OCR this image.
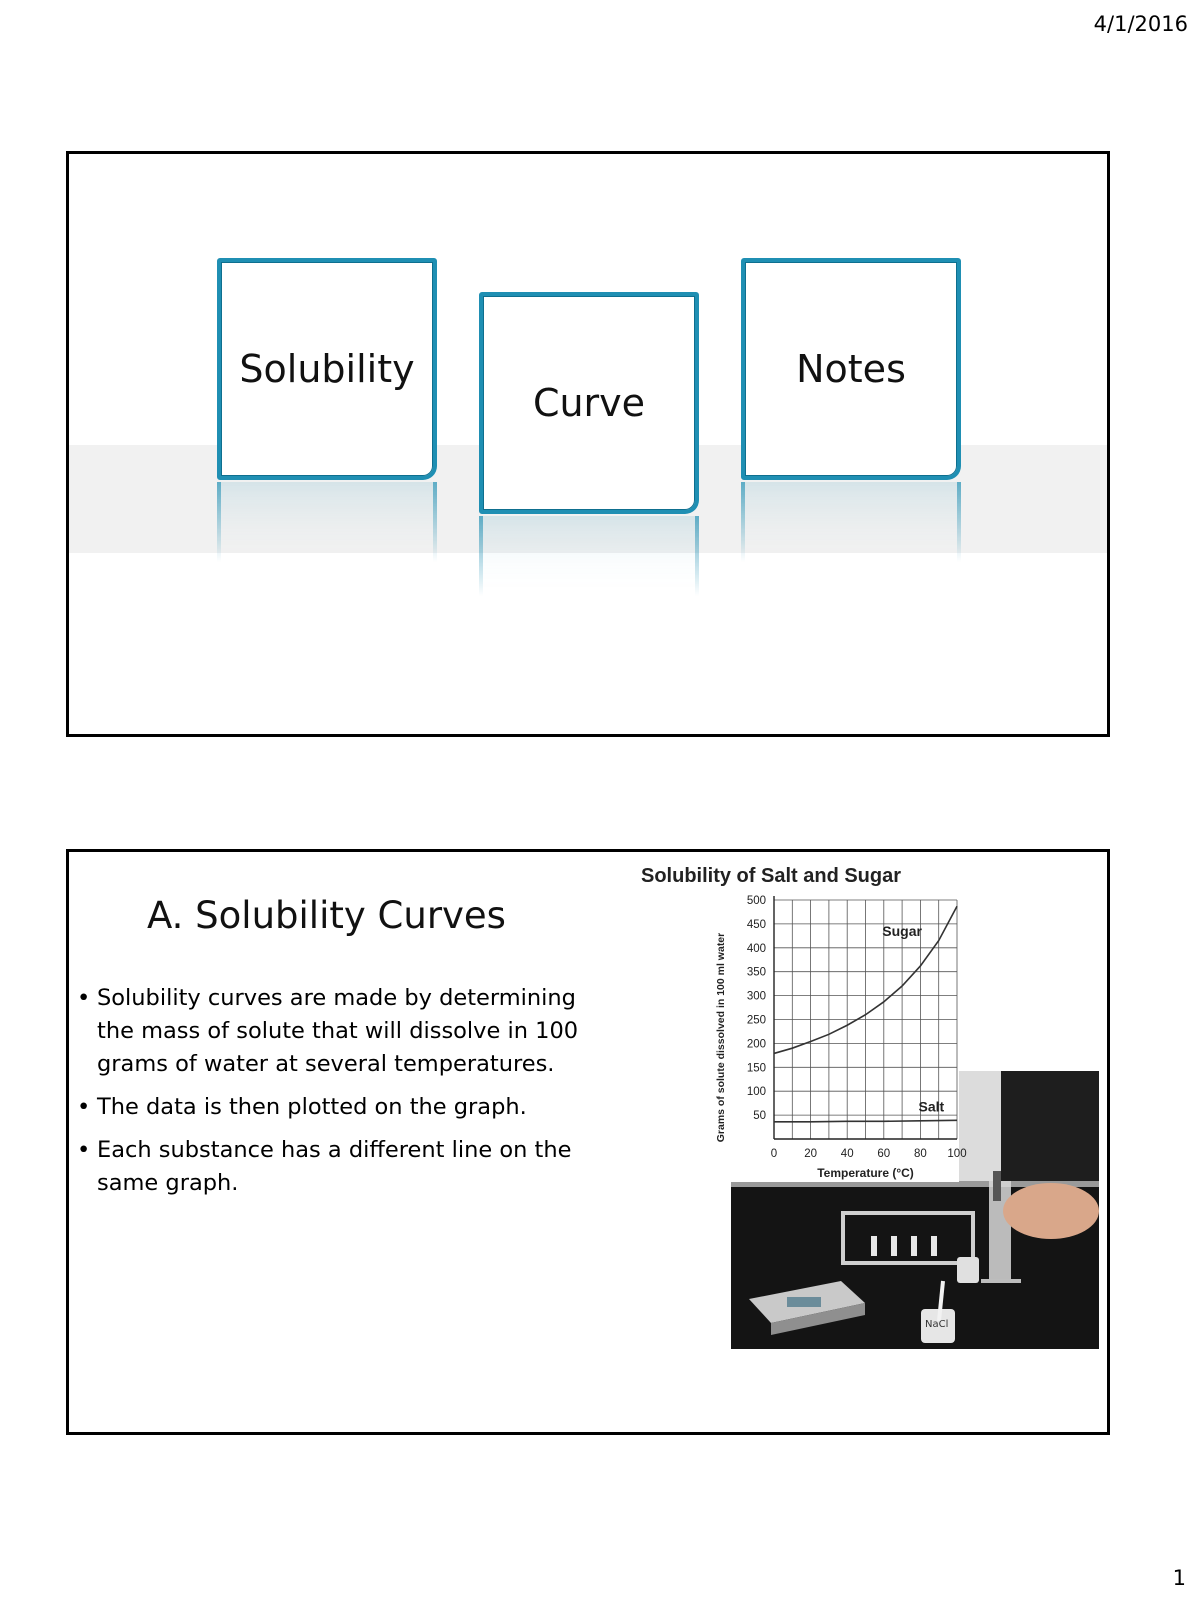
4/1/2016
Solubility
Curve
Notes
A. Solubility Curves
• Solubility curves are made by determining the mass of solute that will dissolve in 100 grams of water at several temperatures.
• The data is then plotted on the graph.
• Each substance has a different line on the same graph.
NaCl
Solubility of Salt and Sugar
Grams of solute dissolved in 100 ml water
Temperature (°C)
Sugar
Salt
50
100
150
200
250
300
350
400
450
500
0 20 40 60 80 100
1
